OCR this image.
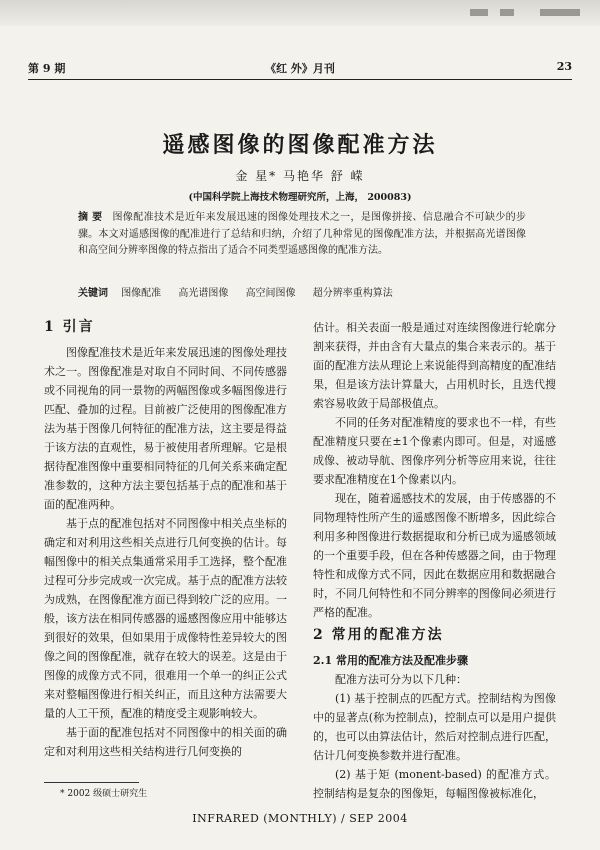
第 9 期	《红 外》月刊	23
遥感图像的图像配准方法
金 星* 马艳华 舒 嵘
(中国科学院上海技术物理研究所，上海， 200083)
摘 要 图像配准技术是近年来发展迅速的图像处理技术之一，是图像拼接、信息融合不可缺少的步骤。本文对遥感图像的配准进行了总结和归纳，介绍了几种常见的图像配准方法，并根据高光谱图像和高空间分辨率图像的特点指出了适合不同类型遥感图像的配准方法。
关键词 图像配准 高光谱图像 高空间图像 超分辨率重构算法
1 引言

图像配准技术是近年来发展迅速的图像处理技术之一。图像配准是对取自不同时间、不同传感器或不同视角的同一景物的两幅图像或多幅图像进行匹配、叠加的过程。目前被广泛使用的图像配准方法为基于图像几何特征的配准方法，这主要是得益于该方法的直观性，易于被使用者所理解。它是根据待配准图像中重要相同特征的几何关系来确定配准参数的，这种方法主要包括基于点的配准和基于面的配准两种。

基于点的配准包括对不同图像中相关点坐标的确定和对利用这些相关点进行几何变换的估计。每幅图像中的相关点集通常采用手工选择，整个配准过程可分步完成或一次完成。基于点的配准方法较为成熟，在图像配准方面已得到较广泛的应用。一般，该方法在相同传感器的遥感图像应用中能够达到很好的效果，但如果用于成像特性差异较大的图像之间的图像配准，就存在较大的误差。这是由于图像的成像方式不同，很难用一个单一的纠正公式来对整幅图像进行相关纠正，而且这种方法需要大量的人工干预，配准的精度受主观影响较大。

基于面的配准包括对不同图像中的相关面的确定和对利用这些相关结构进行几何变换的

估计。相关表面一般是通过对连续图像进行轮廓分割来获得，并由含有大量点的集合来表示的。基于面的配准方法从理论上来说能得到高精度的配准结果，但是该方法计算量大，占用机时长，且迭代搜索容易收敛于局部极值点。

不同的任务对配准精度的要求也不一样，有些配准精度只要在±1个像素内即可。但是，对遥感成像、被动导航、图像序列分析等应用来说，往往要求配准精度在1个像素以内。

现在，随着遥感技术的发展，由于传感器的不同物理特性所产生的遥感图像不断增多，因此综合利用多种图像进行数据提取和分析已成为遥感领域的一个重要手段，但在各种传感器之间，由于物理特性和成像方式不同，因此在数据应用和数据融合时，不同几何特性和不同分辨率的图像间必须进行严格的配准。

2 常用的配准方法
2.1 常用的配准方法及配准步骤

配准方法可分为以下几种：

(1) 基于控制点的匹配方式。控制结构为图像中的显著点(称为控制点)，控制点可以是用户提供的，也可以由算法估计，然后对控制点进行匹配，估计几何变换参数并进行配准。

(2) 基于矩 (monent-based) 的配准方式。控制结构是复杂的图像矩，每幅图像被标准化，

* 2002 级硕士研究生
INFRARED (MONTHLY) / SEP 2004
